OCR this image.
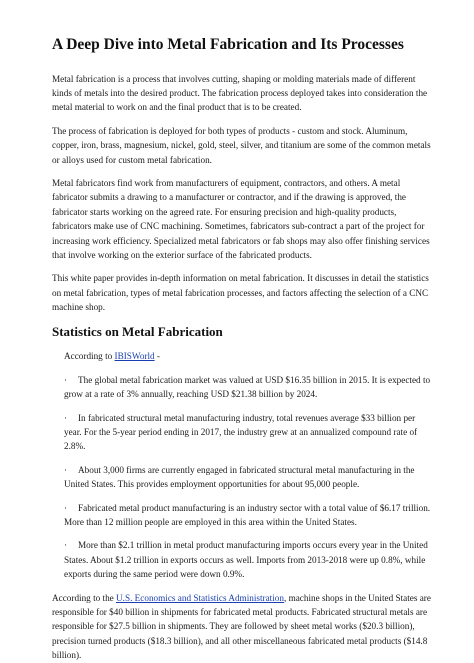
A Deep Dive into Metal Fabrication and Its Processes

Metal fabrication is a process that involves cutting, shaping or molding materials made of different kinds of metals into the desired product. The fabrication process deployed takes into consideration the metal material to work on and the final product that is to be created.

The process of fabrication is deployed for both types of products - custom and stock. Aluminum, copper, iron, brass, magnesium, nickel, gold, steel, silver, and titanium are some of the common metals or alloys used for custom metal fabrication.

Metal fabricators find work from manufacturers of equipment, contractors, and others. A metal fabricator submits a drawing to a manufacturer or contractor, and if the drawing is approved, the fabricator starts working on the agreed rate. For ensuring precision and high-quality products, fabricators make use of CNC machining. Sometimes, fabricators sub-contract a part of the project for increasing work efficiency. Specialized metal fabricators or fab shops may also offer finishing services that involve working on the exterior surface of the fabricated products.

This white paper provides in-depth information on metal fabrication. It discusses in detail the statistics on metal fabrication, types of metal fabrication processes, and factors affecting the selection of a CNC machine shop.

Statistics on Metal Fabrication

According to IBISWorld -

· The global metal fabrication market was valued at USD $16.35 billion in 2015. It is expected to grow at a rate of 3% annually, reaching USD $21.38 billion by 2024.

· In fabricated structural metal manufacturing industry, total revenues average $33 billion per year. For the 5-year period ending in 2017, the industry grew at an annualized compound rate of 2.8%.

· About 3,000 firms are currently engaged in fabricated structural metal manufacturing in the United States. This provides employment opportunities for about 95,000 people.

· Fabricated metal product manufacturing is an industry sector with a total value of $6.17 trillion. More than 12 million people are employed in this area within the United States.

· More than $2.1 trillion in metal product manufacturing imports occurs every year in the United States. About $1.2 trillion in exports occurs as well. Imports from 2013-2018 were up 0.8%, while exports during the same period were down 0.9%.

According to the U.S. Economics and Statistics Administration, machine shops in the United States are responsible for $40 billion in shipments for fabricated metal products. Fabricated structural metals are responsible for $27.5 billion in shipments. They are followed by sheet metal works ($20.3 billion), precision turned products ($18.3 billion), and all other miscellaneous fabricated metal products ($14.8 billion).
